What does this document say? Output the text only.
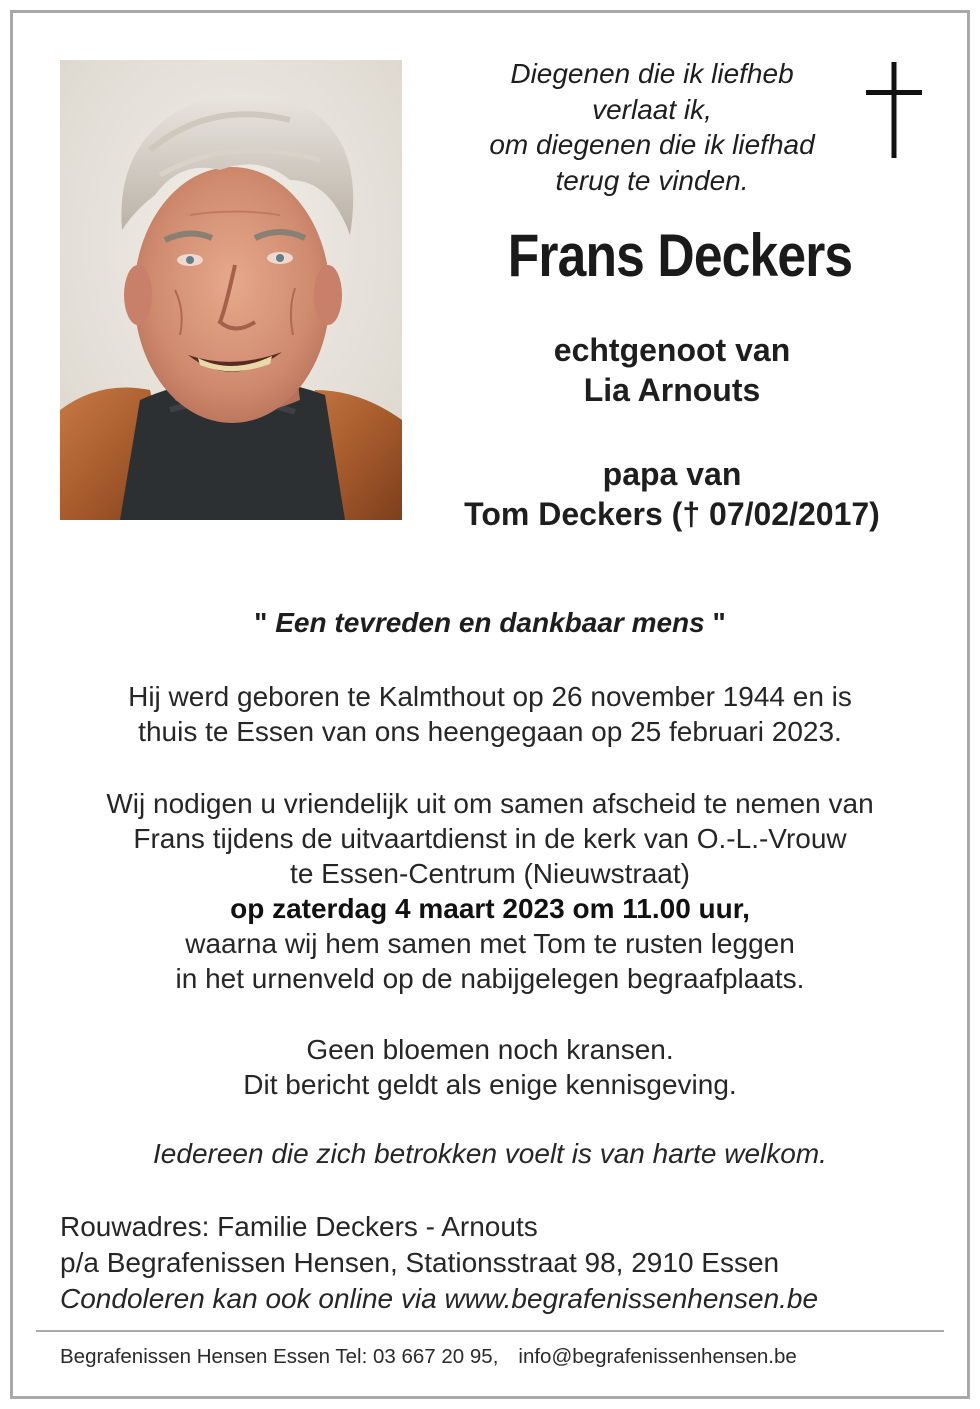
Diegenen die ik liefheb
verlaat ik,
om diegenen die ik liefhad
terug te vinden.
Frans Deckers
echtgenoot van
Lia Arnouts
papa van
Tom Deckers († 07/02/2017)
" Een tevreden en dankbaar mens "
Hij werd geboren te Kalmthout op 26 november 1944 en is
thuis te Essen van ons heengegaan op 25 februari 2023.
Wij nodigen u vriendelijk uit om samen afscheid te nemen van
Frans tijdens de uitvaartdienst in de kerk van O.-L.-Vrouw
te Essen-Centrum (Nieuwstraat)
op zaterdag 4 maart 2023 om 11.00 uur,
waarna wij hem samen met Tom te rusten leggen
in het urnenveld op de nabijgelegen begraafplaats.
Geen bloemen noch kransen.
Dit bericht geldt als enige kennisgeving.
Iedereen die zich betrokken voelt is van harte welkom.
Rouwadres: Familie Deckers - Arnouts
p/a Begrafenissen Hensen, Stationsstraat 98, 2910 Essen
Condoleren kan ook online via www.begrafenissenhensen.be
Begrafenissen Hensen Essen Tel: 03 667 20 95, info@begrafenissenhensen.be
